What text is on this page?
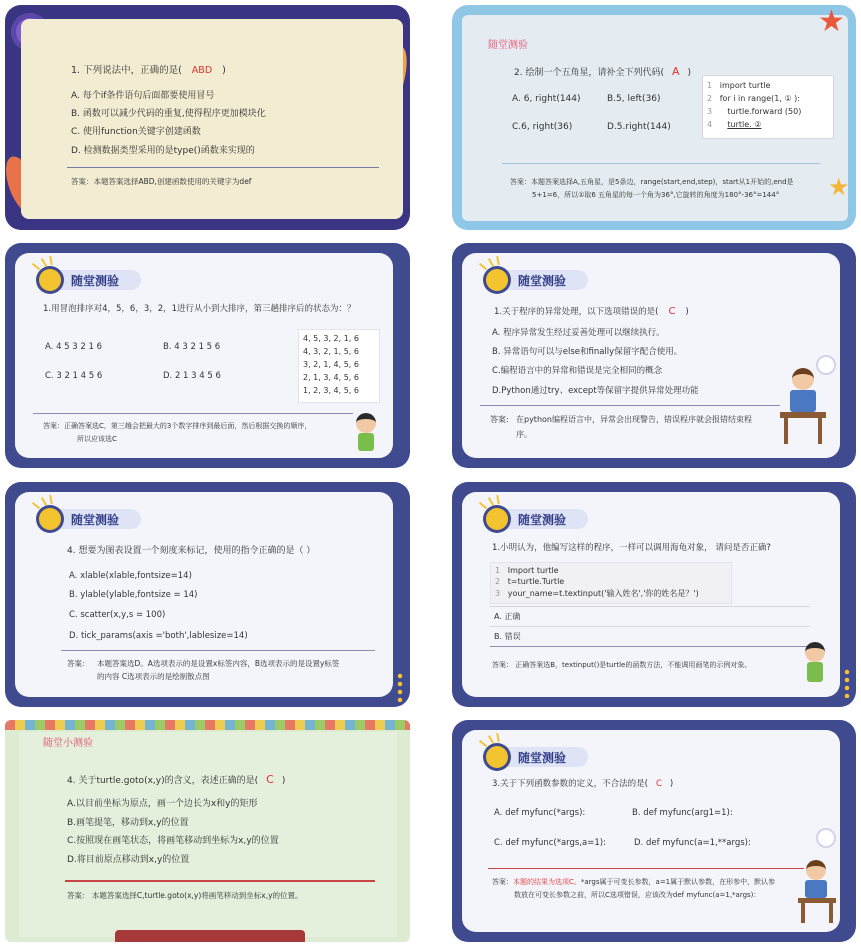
1. 下列说法中，正确的是( ABD )
A. 每个if条件语句后面都要使用冒号
B. 函数可以减少代码的重复,使得程序更加模块化
C. 使用function关键字创建函数
D. 检测数据类型采用的是type()函数来实现的
答案：本题答案选择ABD,创建函数使用的关键字为def
随堂测验
2. 绘制一个五角星，请补全下列代码( A )
A. 6, right(144)	B.5, left(36)
C.6, right(36)	D.5.right(144)
1 import turtle
2 for i in range(1, ① ):
3 turtle.forward (50)
4 turtle. ②
答案：本题答案选择A,五角星，是5条边，range(start,end,step)，start从1开始的,end是
5+1=6，所以①取6 五角星的每一个角为36°,它旋转的角度为180°-36°=144°
★
★
随堂测验
1.用冒泡排序对4，5，6，3，2，1进行从小到大排序，第三趟排序后的状态为：？
A. 4 5 3 2 1 6	B. 4 3 2 1 5 6
C. 3 2 1 4 5 6	D. 2 1 3 4 5 6
4, 5, 3, 2, 1, 6
4, 3, 2, 1, 5, 6
3, 2, 1, 4, 5, 6
2, 1, 3, 4, 5, 6
1, 2, 3, 4, 5, 6
答案：正确答案选C，第三趟会把最大的3个数字排序到最后面，然后根据交换的顺序，
所以应该选C
随堂测验
1.关于程序的异常处理，以下选项错误的是( C )
A. 程序异常发生经过妥善处理可以继续执行。
B. 异常语句可以与else和finally保留字配合使用。
C.编程语言中的异常和错误是完全相同的概念
D.Python通过try、except等保留字提供异常处理功能
答案: 在python编程语言中，异常会出现警告，错误程序就会报错结束程
序。
随堂测验
4. 想要为图表设置一个刻度来标记，使用的指令正确的是（ ）
A. xlable(xlable,fontsize=14)
B. ylable(ylable,fontsize = 14)
C. scatter(x,y,s = 100)
D. tick_params(axis ='both',lablesize=14)
答案： 本题答案选D。A选项表示的是设置x标签内容，B选项表示的是设置y标签
的内容 C选项表示的是绘制散点图
随堂测验
1.小明认为，他编写这样的程序，一样可以调用海龟对象， 请问是否正确?
1 Import turtle
2 t=turtle.Turtle
3 your_name=t.textinput('输入姓名','你的姓名是？')
A. 正确
B. 错误
答案： 正确答案选B，textinput()是turtle的函数方法，不能调用画笔的示例对象。
随堂小测验
4. 关于turtle.goto(x,y)的含义，表述正确的是( C )
A.以目前坐标为原点，画一个边长为x和y的矩形
B.画笔提笔，移动到x,y的位置
C.按照现在画笔状态，将画笔移动到坐标为x,y的位置
D.将目前原点移动到x,y的位置
答案： 本题答案选择C,turtle.goto(x,y)将画笔移动到坐标x,y的位置。
随堂测验
3.关于下列函数参数的定义，不合法的是( C )
A. def myfunc(*args):	B. def myfunc(arg1=1):
C. def myfunc(*args,a=1):	D. def myfunc(a=1,**args):
答案：本题的结果为选项C。*args属于可变长参数，a=1属于默认参数，在形参中，默认参
数放在可变长参数之前，所以C选项错误，应该改为def myfunc(a=1,*args)：
